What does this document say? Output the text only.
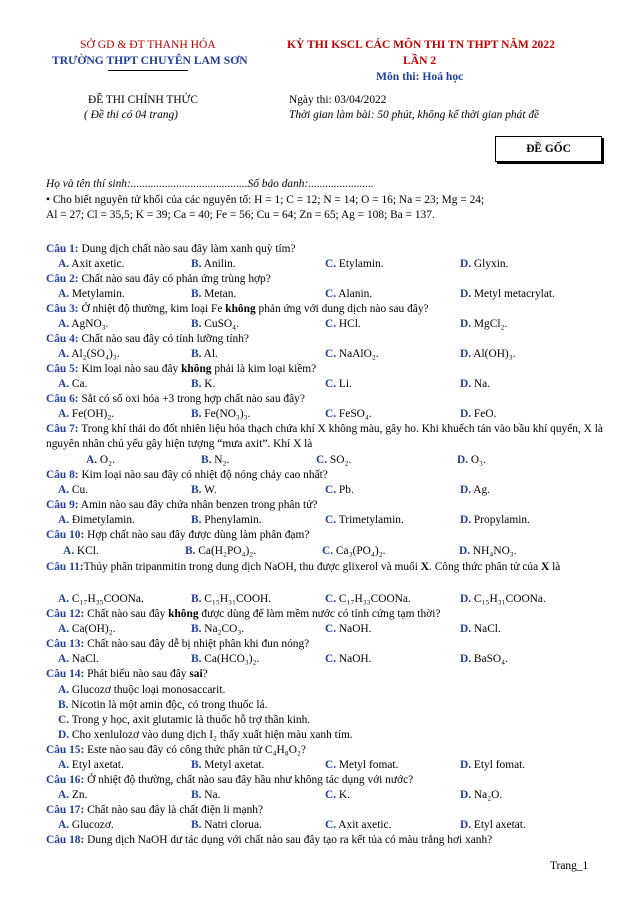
SỞ GD & ĐT THANH HÓA
TRƯỜNG THPT CHUYÊN LAM SƠN
KỲ THI KSCL CÁC MÔN THI TN THPT NĂM 2022
LẦN 2
Môn thi: Hoá học
ĐỀ THI CHÍNH THỨC
( Đề thi có 04 trang)
Ngày thi: 03/04/2022
Thời gian làm bài: 50 phút, không kể thời gian phát đề
ĐỀ GỐC
Họ và tên thí sinh:.........................................Số báo danh:.......................
• Cho biết nguyên tử khối của các nguyên tố: H = 1; C = 12; N = 14; O = 16; Na = 23; Mg = 24;
Al = 27; Cl = 35,5; K = 39; Ca = 40; Fe = 56; Cu = 64; Zn = 65; Ag = 108; Ba = 137.
Câu 1: Dung dịch chất nào sau đây làm xanh quỳ tím?
A. Axit axetic.	B. Anilin.	C. Etylamin.	D. Glyxin.
Câu 2: Chất nào sau đây có phản ứng trùng hợp?
A. Metylamin.	B. Metan.	C. Alanin.	D. Metyl metacrylat.
Câu 3: Ở nhiệt độ thường, kim loại Fe không phản ứng với dung dịch nào sau đây?
A. AgNO₃.	B. CuSO₄.	C. HCl.	D. MgCl₂.
Câu 4: Chất nào sau đây có tính lưỡng tính?
A. Al₂(SO₄)₃.	B. Al.	C. NaAlO₂.	D. Al(OH)₃.
Câu 5: Kim loại nào sau đây không phải là kim loại kiềm?
A. Ca.	B. K.	C. Li.	D. Na.
Câu 6: Sắt có số oxi hóa +3 trong hợp chất nào sau đây?
A. Fe(OH)₂.	B. Fe(NO₃)₃.	C. FeSO₄.	D. FeO.
Câu 7: Trong khí thải do đốt nhiên liệu hóa thạch chứa khí X không màu, gây ho. Khi khuếch tán vào bầu khí quyển, X là nguyên nhân chủ yếu gây hiện tượng “mưa axit”. Khí X là
A. O₂.	B. N₂.	C. SO₂.	D. O₃.
Câu 8: Kim loại nào sau đây có nhiệt độ nóng chảy cao nhất?
A. Cu.	B. W.	C. Pb.	D. Ag.
Câu 9: Amin nào sau đây chứa nhân benzen trong phân tử?
A. Đimetylamin.	B. Phenylamin.	C. Trimetylamin.	D. Propylamin.
Câu 10: Hợp chất nào sau đây được dùng làm phân đạm?
A. KCl.	B. Ca(H₂PO₄)₂.	C. Ca₃(PO₄)₂.	D. NH₄NO₃.
Câu 11:Thủy phân tripanmitin trong dung dịch NaOH, thu được glixerol và muối X. Công thức phân tử của X là
A. C₁₇H₃₅COONa.	B. C₁₅H₃₁COOH.	C. C₁₇H₃₃COONa.	D. C₁₅H₃₁COONa.
Câu 12: Chất nào sau đây không được dùng để làm mềm nước có tính cứng tạm thời?
A. Ca(OH)₂.	B. Na₂CO₃.	C. NaOH.	D. NaCl.
Câu 13: Chất nào sau đây dễ bị nhiệt phân khi đun nóng?
A. NaCl.	B. Ca(HCO₃)₂.	C. NaOH.	D. BaSO₄.
Câu 14: Phát biểu nào sau đây sai?
A. Glucozơ thuộc loại monosaccarit.
B. Nicotin là một amin độc, có trong thuốc lá.
C. Trong y học, axit glutamic là thuốc hỗ trợ thần kinh.
D. Cho xenlulozơ vào dung dịch I₂ thấy xuất hiện màu xanh tím.
Câu 15: Este nào sau đây có công thức phân tử C₄H₈O₂?
A. Etyl axetat.	B. Metyl axetat.	C. Metyl fomat.	D. Etyl fomat.
Câu 16: Ở nhiệt độ thường, chất nào sau đây hầu như không tác dụng với nước?
A. Zn.	B. Na.	C. K.	D. Na₂O.
Câu 17: Chất nào sau đây là chất điện li mạnh?
A. Glucozơ.	B. Natri clorua.	C. Axit axetic.	D. Etyl axetat.
Câu 18: Dung dịch NaOH dư tác dụng với chất nào sau đây tạo ra kết tủa có màu trắng hơi xanh?
Trang_1
